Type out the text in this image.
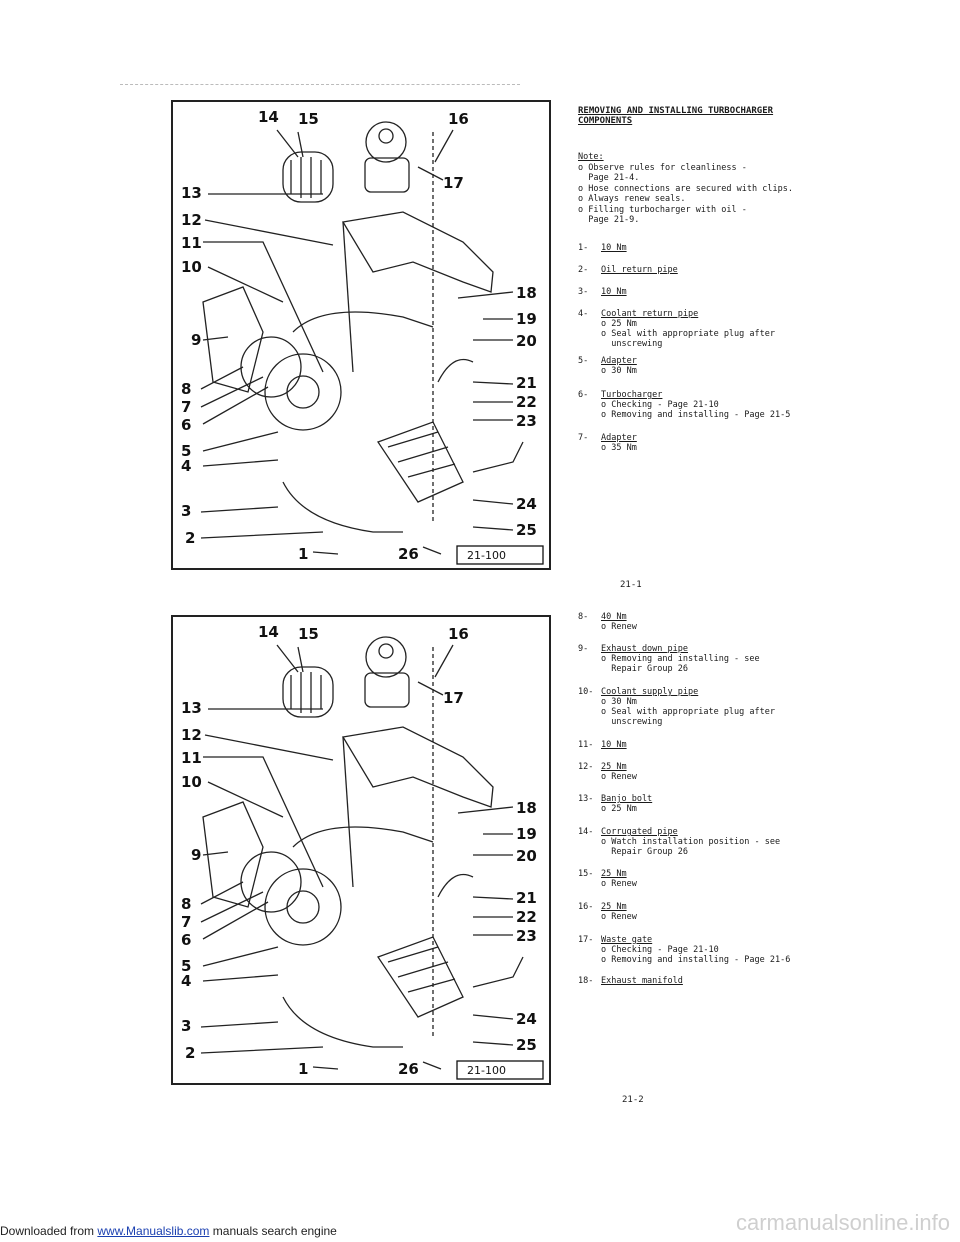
21-100
14 15	16
17
13
12
11
10
18
19
20
9
8
7
6
5
4
21
22
23
3	24
25
2
1	26
21-100
14 15	16
17
13
12
11
10
18
19
20
9
8
7
6
5
4
21
22
23
3	24
25
2
1	26
REMOVING AND INSTALLING TURBOCHARGER
COMPONENTS
Note:
o Observe rules for cleanliness -
Page 21-4.
o Hose connections are secured with clips.
o Always renew seals.
o Filling turbocharger with oil -
Page 21-9.
1- 10 Nm
2- Oil return pipe
3- 10 Nm
4- Coolant return pipe
o 25 Nm
o Seal with appropriate plug after
unscrewing
5- Adapter
o 30 Nm
6- Turbocharger
o Checking - Page 21-10
o Removing and installing - Page 21-5
7- Adapter
o 35 Nm
21-1
8- 40 Nm
o Renew
9- Exhaust down pipe
o Removing and installing - see
Repair Group 26
10- Coolant supply pipe
o 30 Nm
o Seal with appropriate plug after
unscrewing
11- 10 Nm
12- 25 Nm
o Renew
13- Banjo bolt
o 25 Nm
14- Corrugated pipe
o Watch installation position - see
Repair Group 26
15- 25 Nm
o Renew
16- 25 Nm
o Renew
17- Waste gate
o Checking - Page 21-10
o Removing and installing - Page 21-6
18- Exhaust manifold
21-2
Downloaded from www.Manualslib.com manuals search engine	carmanualsonline.info
